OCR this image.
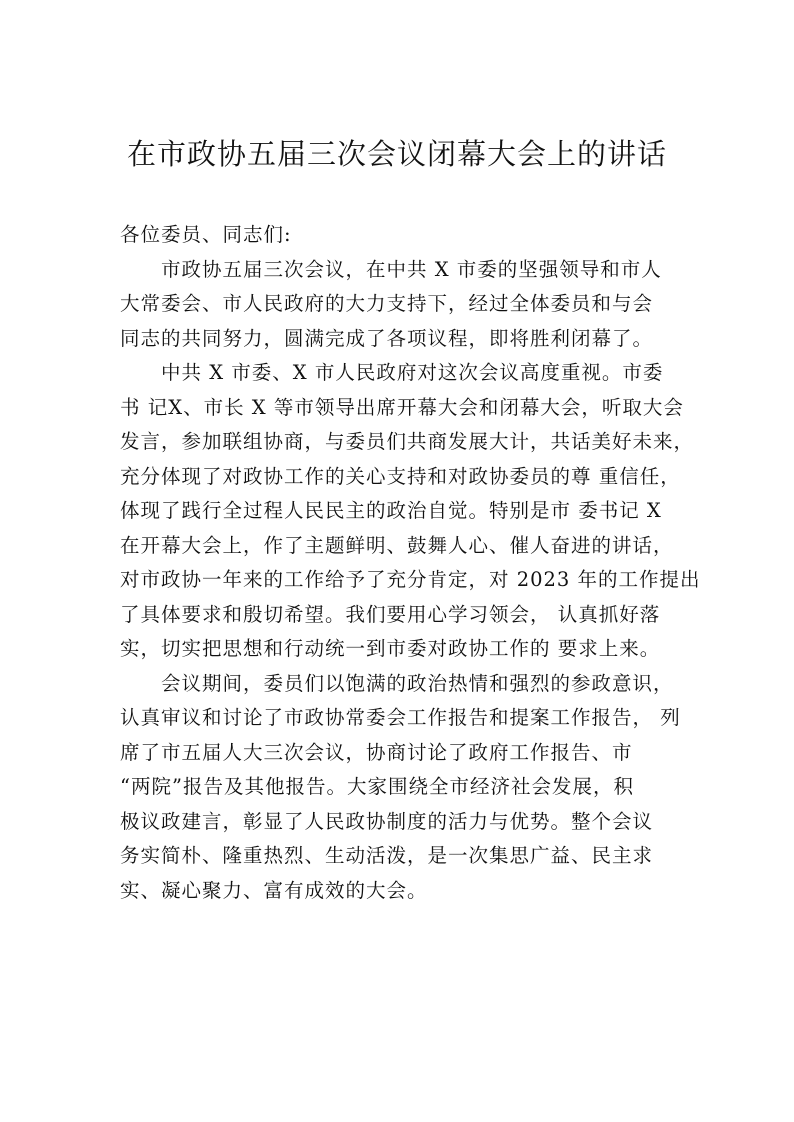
在市政协五届三次会议闭幕大会上的讲话
各位委员、同志们:
市政协五届三次会议，在中共 X 市委的坚强领导和市人
大常委会、市人民政府的大力支持下，经过全体委员和与会
同志的共同努力，圆满完成了各项议程，即将胜利闭幕了。
中共 X 市委、X 市人民政府对这次会议高度重视。市委
书 记X、市长 X 等市领导出席开幕大会和闭幕大会，听取大会
发言，参加联组协商，与委员们共商发展大计，共话美好未来，
充分体现了对政协工作的关心支持和对政协委员的尊 重信任，
体现了践行全过程人民民主的政治自觉。特别是市 委书记 X
在开幕大会上，作了主题鲜明、鼓舞人心、催人奋进的讲话，
对市政协一年来的工作给予了充分肯定，对 2023 年的工作提出
了具体要求和殷切希望。我们要用心学习领会， 认真抓好落
实，切实把思想和行动统一到市委对政协工作的 要求上来。
会议期间，委员们以饱满的政治热情和强烈的参政意识，
认真审议和讨论了市政协常委会工作报告和提案工作报告， 列
席了市五届人大三次会议，协商讨论了政府工作报告、市
“两院”报告及其他报告。大家围绕全市经济社会发展，积
极议政建言，彰显了人民政协制度的活力与优势。整个会议
务实简朴、隆重热烈、生动活泼，是一次集思广益、民主求
实、凝心聚力、富有成效的大会。
